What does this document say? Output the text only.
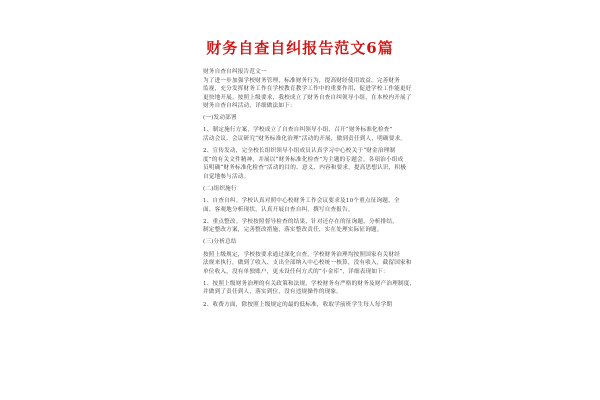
财务自查自纠报告范文6篇

财务自查自纠报告范文一

为了进一步加强学校财务管理，标准财务行为，提高财经使用效益，完善财务

监视，充分发挥财务工作在学校教育教学工作中的重要作用，促进学校工作能更好

更快地开展。按照上级要求，我校成立了财务自查自纠领导小组，在本校内开展了

财务自查自纠活动，详细做法如下：

(一)发动部署

1、制定施行方案，学校成立了自查自纠领导小组，召开“财务标准化检查”

活动会议。会议研究“财务标准化治理”活动的开展，做到责任到人，明确要求。

2、宣传发动，完全校长组织领导小组成员认真学习中心校关于“财金治理制

度”的有关文件精神，并展以“财务标准化检查”为主题的专题会。各项治小组成

员明确“财务标准化检查”活动的目的、意义、内容和要求，提高思想认识，积极

自觉地参与活动。

(二)组织施行

1、自查自纠。学校认真对照中心校财务工作会议要求及10个重点征询题，全

面、客观地分析现状，认真开展自查自纠，撰写自查报告。

2、重点整改。学校按照督导检查的结果，针对还存在的征询题，分析排结，

制定整改方案，完善整改措施，落实整改责任，实在处理实际征询题。

(三)分析总结

按照上级规定，学校按要求通过深化自查，学校财务治理均按照国家有关财经

法规来执行，做到了收入、支出全部纳入中心校统一核算，没有收入，截留国家和

单位收入，没有单独账户，更未设任何方式的“小金库”，详细表现如下：

1、按照上级财务治理的有关政策和法规，学校财务有严格的财务及财产治理制度，

并做到了责任到人，落实到位，没有违规操作的现象。

2、收费方面，除按照上级规定的最的低标准，收取学前班学生每人每学期
